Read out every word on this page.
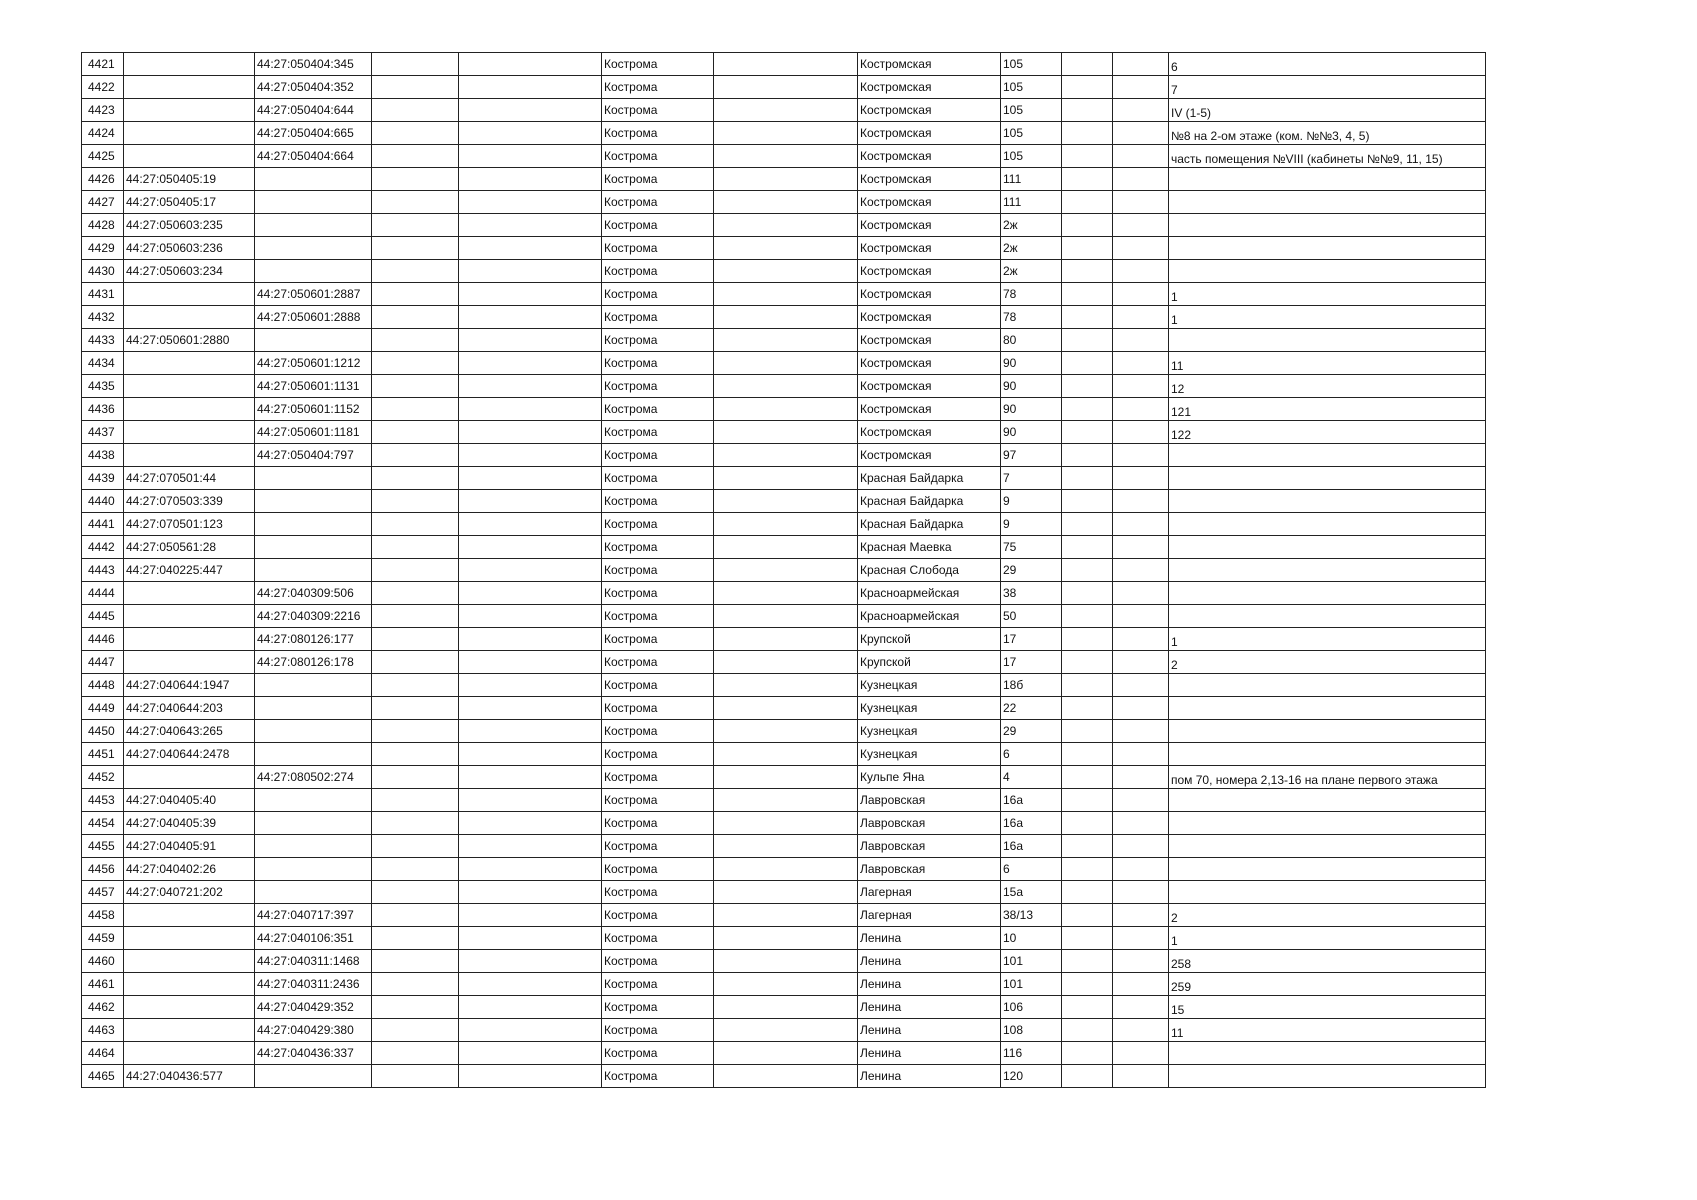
4421		44:27:050404:345			Кострома		Костромская	105			6
4422		44:27:050404:352			Кострома		Костромская	105			7
4423		44:27:050404:644			Кострома		Костромская	105			IV (1-5)
4424		44:27:050404:665			Кострома		Костромская	105			№8 на 2-ом этаже (ком. №№3, 4, 5)
4425		44:27:050404:664			Кострома		Костромская	105			часть помещения №VIII (кабинеты №№9, 11, 15)
4426	44:27:050405:19				Кострома		Костромская	111			
4427	44:27:050405:17				Кострома		Костромская	111			
4428	44:27:050603:235				Кострома		Костромская	2ж			
4429	44:27:050603:236				Кострома		Костромская	2ж			
4430	44:27:050603:234				Кострома		Костромская	2ж			
4431		44:27:050601:2887			Кострома		Костромская	78			1
4432		44:27:050601:2888			Кострома		Костромская	78			1
4433	44:27:050601:2880				Кострома		Костромская	80			
4434		44:27:050601:1212			Кострома		Костромская	90			11
4435		44:27:050601:1131			Кострома		Костромская	90			12
4436		44:27:050601:1152			Кострома		Костромская	90			121
4437		44:27:050601:1181			Кострома		Костромская	90			122
4438		44:27:050404:797			Кострома		Костромская	97			
4439	44:27:070501:44				Кострома		Красная Байдарка	7			
4440	44:27:070503:339				Кострома		Красная Байдарка	9			
4441	44:27:070501:123				Кострома		Красная Байдарка	9			
4442	44:27:050561:28				Кострома		Красная Маевка	75			
4443	44:27:040225:447				Кострома		Красная Слобода	29			
4444		44:27:040309:506			Кострома		Красноармейская	38			
4445		44:27:040309:2216			Кострома		Красноармейская	50			
4446		44:27:080126:177			Кострома		Крупской	17			1
4447		44:27:080126:178			Кострома		Крупской	17			2
4448	44:27:040644:1947				Кострома		Кузнецкая	18б			
4449	44:27:040644:203				Кострома		Кузнецкая	22			
4450	44:27:040643:265				Кострома		Кузнецкая	29			
4451	44:27:040644:2478				Кострома		Кузнецкая	6			
4452		44:27:080502:274			Кострома		Кульпе Яна	4			пом 70, номера 2,13-16 на плане первого этажа
4453	44:27:040405:40				Кострома		Лавровская	16а			
4454	44:27:040405:39				Кострома		Лавровская	16а			
4455	44:27:040405:91				Кострома		Лавровская	16а			
4456	44:27:040402:26				Кострома		Лавровская	6			
4457	44:27:040721:202				Кострома		Лагерная	15а			
4458		44:27:040717:397			Кострома		Лагерная	38/13			2
4459		44:27:040106:351			Кострома		Ленина	10			1
4460		44:27:040311:1468			Кострома		Ленина	101			258
4461		44:27:040311:2436			Кострома		Ленина	101			259
4462		44:27:040429:352			Кострома		Ленина	106			15
4463		44:27:040429:380			Кострома		Ленина	108			11
4464		44:27:040436:337			Кострома		Ленина	116			
4465	44:27:040436:577				Кострома		Ленина	120			
